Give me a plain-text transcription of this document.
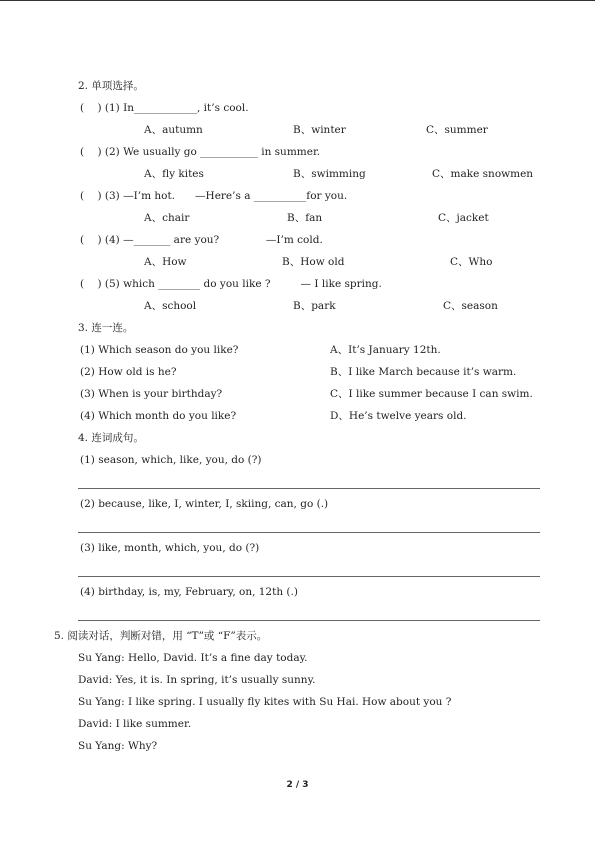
2. 单项选择。
(    ) (1) In____________, it’s cool.
A、autumn	B、winter	C、summer
(    ) (2) We usually go ___________ in summer.
A、fly kites	B、swimming	C、make snowmen
(    ) (3) —I’m hot.      —Here’s a __________for you.
A、chair	B、fan	C、jacket
(    ) (4) —_______ are you?              —I’m cold.
A、How	B、How old	C、Who
(    ) (5) which ________ do you like ?         — I like spring.
A、school	B、park	C、season
3. 连一连。
(1) Which season do you like?	A、It’s January 12th.
(2) How old is he?	B、I like March because it’s warm.
(3) When is your birthday?	C、I like summer because I can swim.
(4) Which month do you like?	D、He’s twelve years old.
4. 连词成句。
(1) season, which, like, you, do (?)
(2) because, like, I, winter, I, skiing, can, go (.)
(3) like, month, which, you, do (?)
(4) birthday, is, my, February, on, 12th (.)
5. 阅读对话，判断对错，用 “T”或 “F”表示。
Su Yang: Hello, David. It’s a fine day today.
David: Yes, it is. In spring, it’s usually sunny.
Su Yang: I like spring. I usually fly kites with Su Hai. How about you ?
David: I like summer.
Su Yang: Why?
2 / 3
